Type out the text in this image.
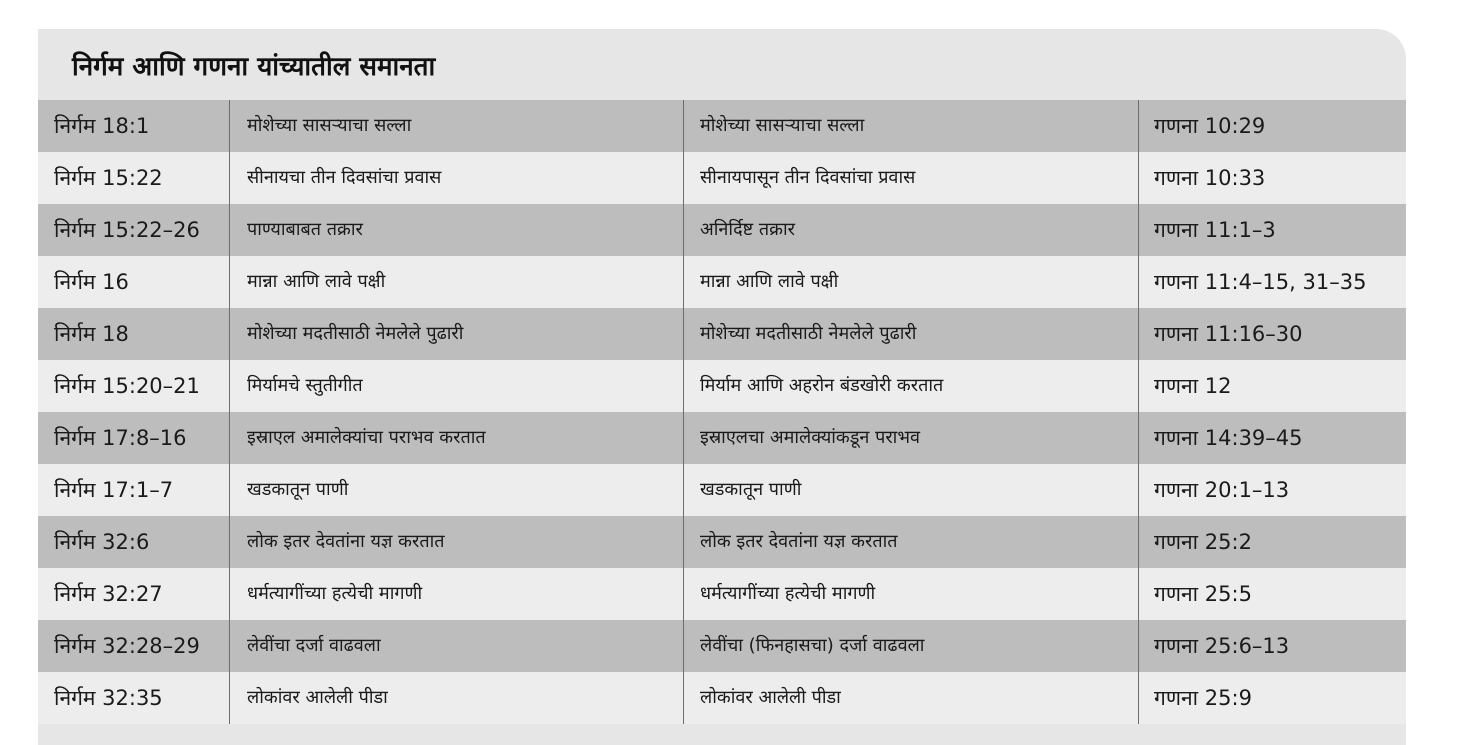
निर्गम आणि गणना यांच्यातील समानता
निर्गम 18:1	मोशेच्या सासऱ्याचा सल्ला	मोशेच्या सासऱ्याचा सल्ला	गणना 10:29
निर्गम 15:22	सीनायचा तीन दिवसांचा प्रवास	सीनायपासून तीन दिवसांचा प्रवास	गणना 10:33
निर्गम 15:22–26	पाण्याबाबत तक्रार	अनिर्दिष्ट तक्रार	गणना 11:1–3
निर्गम 16	मान्ना आणि लावे पक्षी	मान्ना आणि लावे पक्षी	गणना 11:4–15, 31–35
निर्गम 18	मोशेच्या मदतीसाठी नेमलेले पुढारी	मोशेच्या मदतीसाठी नेमलेले पुढारी	गणना 11:16–30
निर्गम 15:20–21	मिर्यामचे स्तुतीगीत	मिर्याम आणि अहरोन बंडखोरी करतात	गणना 12
निर्गम 17:8–16	इस्राएल अमालेक्यांचा पराभव करतात	इस्राएलचा अमालेक्यांकडून पराभव	गणना 14:39–45
निर्गम 17:1–7	खडकातून पाणी	खडकातून पाणी	गणना 20:1–13
निर्गम 32:6	लोक इतर देवतांना यज्ञ करतात	लोक इतर देवतांना यज्ञ करतात	गणना 25:2
निर्गम 32:27	धर्मत्यागींच्या हत्येची मागणी	धर्मत्यागींच्या हत्येची मागणी	गणना 25:5
निर्गम 32:28–29	लेवींचा दर्जा वाढवला	लेवींचा (फिनहासचा) दर्जा वाढवला	गणना 25:6–13
निर्गम 32:35	लोकांवर आलेली पीडा	लोकांवर आलेली पीडा	गणना 25:9
